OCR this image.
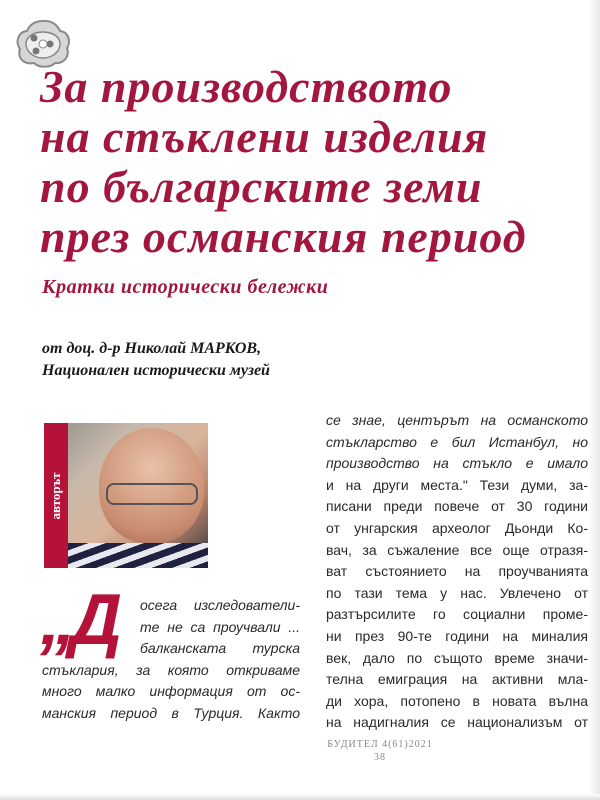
За производството
на стъклени изделия
по българските земи
през османския период
Кратки исторически бележки
от доц. д-р Николай МАРКОВ,
Национален исторически музей
авторът
се знае, центърът на османското
стъкларство е бил Истанбул, но
производство на стъкло е имало
и на други места." Тези думи, за-
писани преди повече от 30 години
от унгарския археолог Дьонди Ко-
вач, за съжаление все още отразя-
ват състоянието на проучванията
по тази тема у нас. Увлечено от
разтърсилите го социални проме-
ни през 90-те години на миналия
век, дало по същото време значи-
телна емиграция на активни мла-
ди хора, потопено в новата вълна
на надигналия се национализъм от
„Д осега изследователи-
те не са проучвали ...
балканската турска
стъклария, за която откриваме
много малко информация от ос-
манския период в Турция. Както
БУДИТЕЛ 4(61)2021
38
